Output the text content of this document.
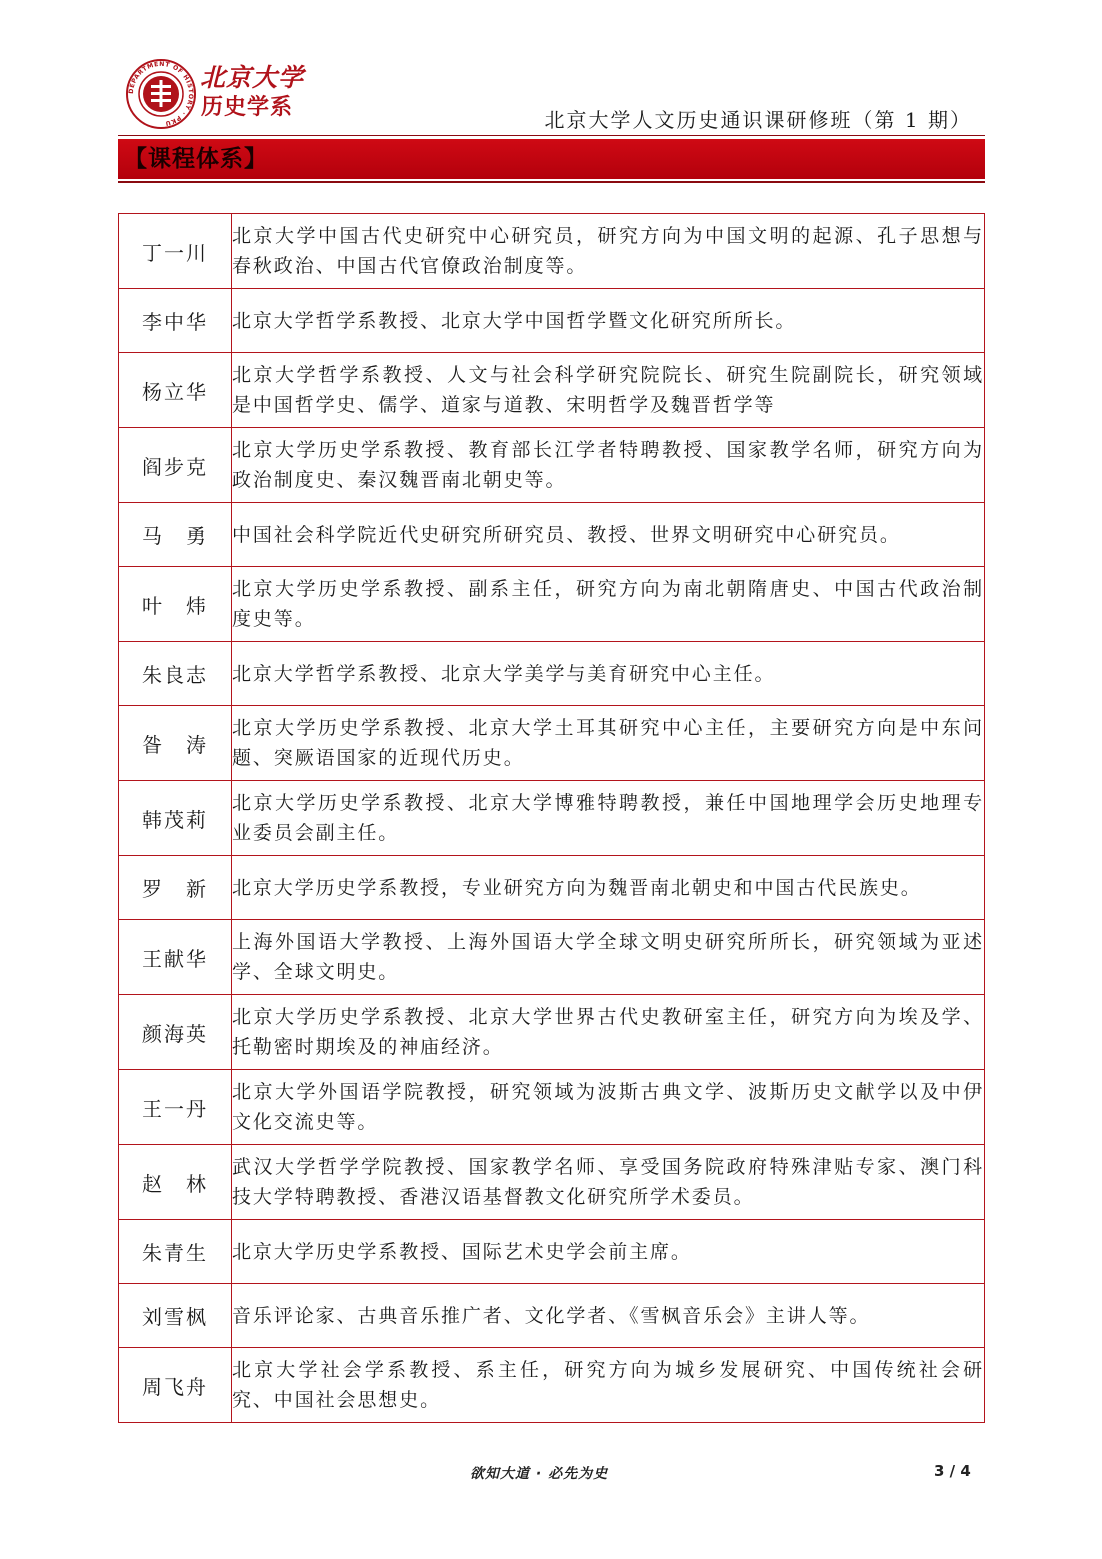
DEPARTMENT OF HISTORY · PKU
北京大学
历史学系	北京大学人文历史通识课研修班（第 1 期）
【课程体系】
丁一川	北京大学中国古代史研究中心研究员，研究方向为中国文明的起源、孔子思想与春秋政治、中国古代官僚政治制度等。
李中华	北京大学哲学系教授、北京大学中国哲学暨文化研究所所长。
杨立华	北京大学哲学系教授、人文与社会科学研究院院长、研究生院副院长，研究领域是中国哲学史、儒学、道家与道教、宋明哲学及魏晋哲学等
阎步克	北京大学历史学系教授、教育部长江学者特聘教授、国家教学名师，研究方向为政治制度史、秦汉魏晋南北朝史等。
马　勇	中国社会科学院近代史研究所研究员、教授、世界文明研究中心研究员。
叶　炜	北京大学历史学系教授、副系主任，研究方向为南北朝隋唐史、中国古代政治制度史等。
朱良志	北京大学哲学系教授、北京大学美学与美育研究中心主任。
昝　涛	北京大学历史学系教授、北京大学土耳其研究中心主任，主要研究方向是中东问题、突厥语国家的近现代历史。
韩茂莉	北京大学历史学系教授、北京大学博雅特聘教授，兼任中国地理学会历史地理专业委员会副主任。
罗　新	北京大学历史学系教授，专业研究方向为魏晋南北朝史和中国古代民族史。
王献华	上海外国语大学教授、上海外国语大学全球文明史研究所所长，研究领域为亚述学、全球文明史。
颜海英	北京大学历史学系教授、北京大学世界古代史教研室主任，研究方向为埃及学、托勒密时期埃及的神庙经济。
王一丹	北京大学外国语学院教授，研究领域为波斯古典文学、波斯历史文献学以及中伊文化交流史等。
赵　林	武汉大学哲学学院教授、国家教学名师、享受国务院政府特殊津贴专家、澳门科技大学特聘教授、香港汉语基督教文化研究所学术委员。
朱青生	北京大学历史学系教授、国际艺术史学会前主席。
刘雪枫	音乐评论家、古典音乐推广者、文化学者、《雪枫音乐会》主讲人等。
周飞舟	北京大学社会学系教授、系主任，研究方向为城乡发展研究、中国传统社会研究、中国社会思想史。
欲知大道 · 必先为史	3 / 4
